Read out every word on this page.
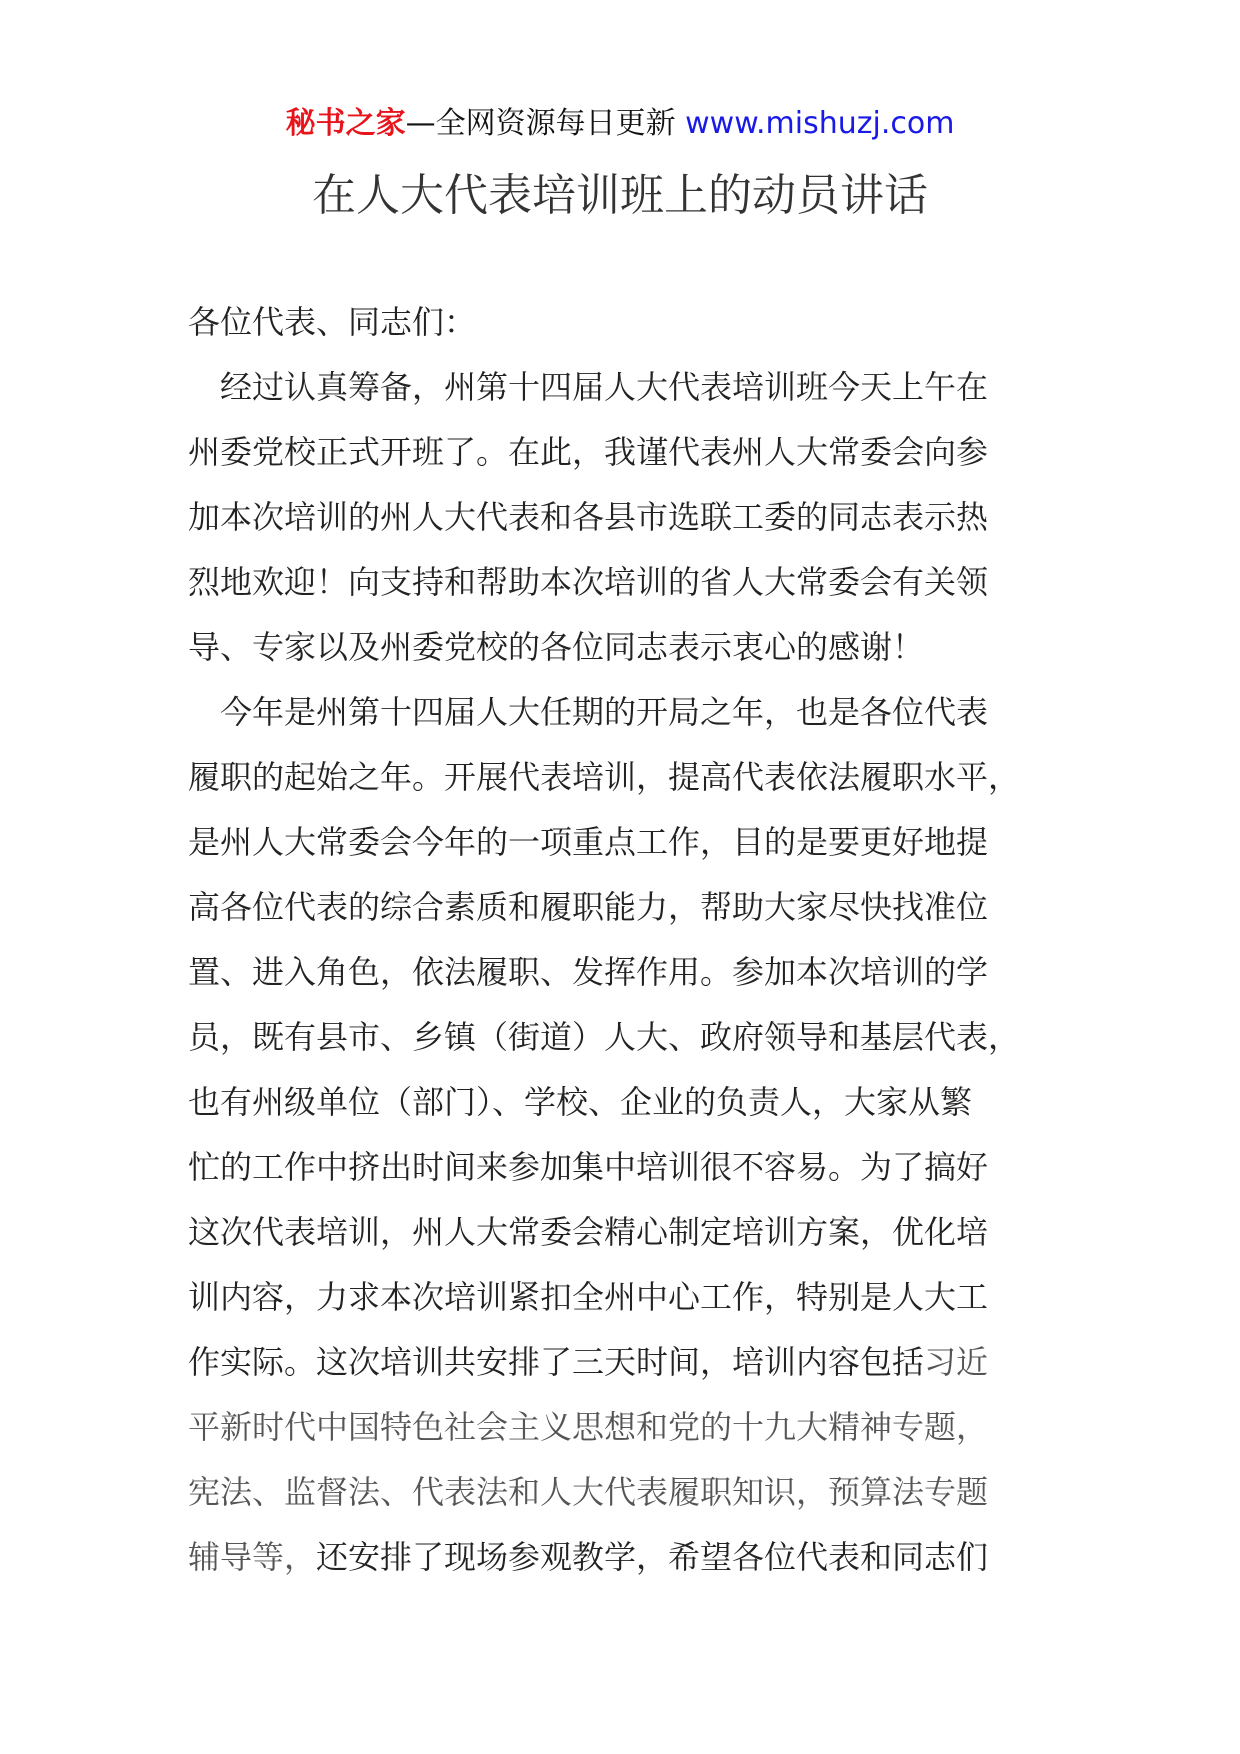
秘书之家—全网资源每日更新 www.mishuzj.com
在人大代表培训班上的动员讲话
各位代表、同志们：
　经过认真筹备，州第十四届人大代表培训班今天上午在
州委党校正式开班了。在此，我谨代表州人大常委会向参
加本次培训的州人大代表和各县市选联工委的同志表示热
烈地欢迎！向支持和帮助本次培训的省人大常委会有关领
导、专家以及州委党校的各位同志表示衷心的感谢！
　今年是州第十四届人大任期的开局之年，也是各位代表
履职的起始之年。开展代表培训，提高代表依法履职水平，
是州人大常委会今年的一项重点工作，目的是要更好地提
高各位代表的综合素质和履职能力，帮助大家尽快找准位
置、进入角色，依法履职、发挥作用。参加本次培训的学
员，既有县市、乡镇（街道）人大、政府领导和基层代表，
也有州级单位（部门）、学校、企业的负责人，大家从繁
忙的工作中挤出时间来参加集中培训很不容易。为了搞好
这次代表培训，州人大常委会精心制定培训方案，优化培
训内容，力求本次培训紧扣全州中心工作，特别是人大工
作实际。这次培训共安排了三天时间，培训内容包括习近
平新时代中国特色社会主义思想和党的十九大精神专题，
宪法、监督法、代表法和人大代表履职知识，预算法专题
辅导等，还安排了现场参观教学，希望各位代表和同志们
